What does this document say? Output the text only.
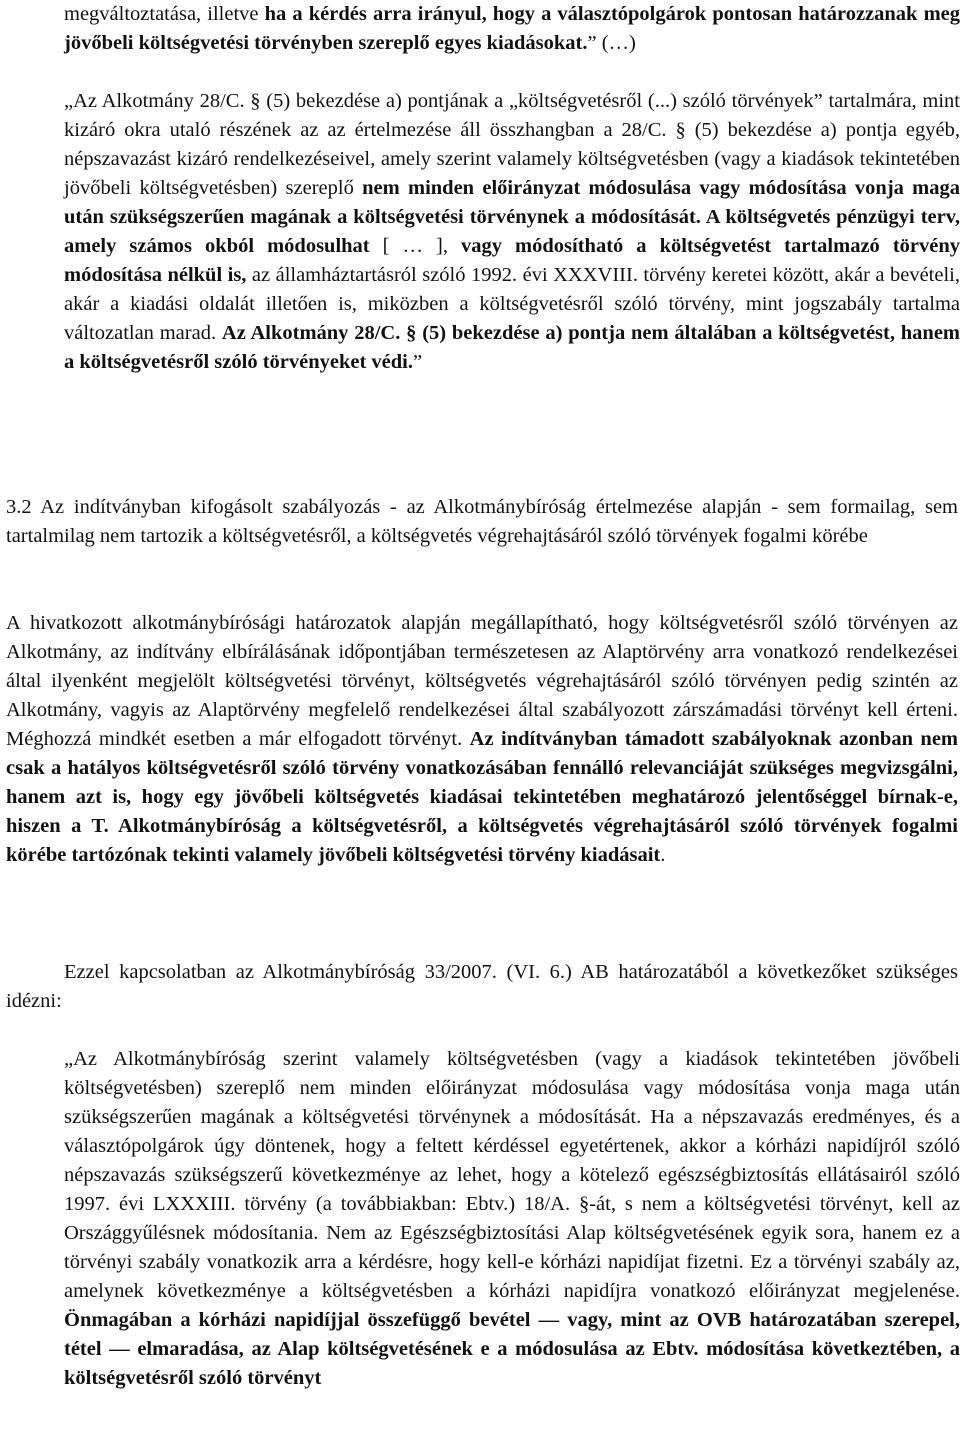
megváltoztatása, illetve ha a kérdés arra irányul, hogy a választópolgárok pontosan határozzanak meg jövőbeli költségvetési törvényben szereplő egyes kiadásokat.” (…)

„Az Alkotmány 28/C. § (5) bekezdése a) pontjának a „költségvetésről (...) szóló törvények” tartalmára, mint kizáró okra utaló részének az az értelmezése áll összhangban a 28/C. § (5) bekezdése a) pontja egyéb, népszavazást kizáró rendelkezéseivel, amely szerint valamely költségvetésben (vagy a kiadások tekintetében jövőbeli költségvetésben) szereplő nem minden előirányzat módosulása vagy módosítása vonja maga után szükségszerűen magának a költségvetési törvénynek a módosítását. A költségvetés pénzügyi terv, amely számos okból módosulhat [ … ], vagy módosítható a költségvetést tartalmazó törvény módosítása nélkül is, az államháztartásról szóló 1992. évi XXXVIII. törvény keretei között, akár a bevételi, akár a kiadási oldalát illetően is, miközben a költségvetésről szóló törvény, mint jogszabály tartalma változatlan marad. Az Alkotmány 28/C. § (5) bekezdése a) pontja nem általában a költségvetést, hanem a költségvetésről szóló törvényeket védi.”

3.2 Az indítványban kifogásolt szabályozás - az Alkotmánybíróság értelmezése alapján - sem formailag, sem tartalmilag nem tartozik a költségvetésről, a költségvetés végrehajtásáról szóló törvények fogalmi körébe

A hivatkozott alkotmánybírósági határozatok alapján megállapítható, hogy költségvetésről szóló törvényen az Alkotmány, az indítvány elbírálásának időpontjában természetesen az Alaptörvény arra vonatkozó rendelkezései által ilyenként megjelölt költségvetési törvényt, költségvetés végrehajtásáról szóló törvényen pedig szintén az Alkotmány, vagyis az Alaptörvény megfelelő rendelkezései által szabályozott zárszámadási törvényt kell érteni. Méghozzá mindkét esetben a már elfogadott törvényt. Az indítványban támadott szabályoknak azonban nem csak a hatályos költségvetésről szóló törvény vonatkozásában fennálló relevanciáját szükséges megvizsgálni, hanem azt is, hogy egy jövőbeli költségvetés kiadásai tekintetében meghatározó jelentőséggel bírnak-e, hiszen a T. Alkotmánybíróság a költségvetésről, a költségvetés végrehajtásáról szóló törvények fogalmi körébe tartózónak tekinti valamely jövőbeli költségvetési törvény kiadásait.

Ezzel kapcsolatban az Alkotmánybíróság 33/2007. (VI. 6.) AB határozatából a következőket szükséges idézni:

„Az Alkotmánybíróság szerint valamely költségvetésben (vagy a kiadások tekintetében jövőbeli költségvetésben) szereplő nem minden előirányzat módosulása vagy módosítása vonja maga után szükségszerűen magának a költségvetési törvénynek a módosítását. Ha a népszavazás eredményes, és a választópolgárok úgy döntenek, hogy a feltett kérdéssel egyetértenek, akkor a kórházi napidíjról szóló népszavazás szükségszerű következménye az lehet, hogy a kötelező egészségbiztosítás ellátásairól szóló 1997. évi LXXXIII. törvény (a továbbiakban: Ebtv.) 18/A. §-át, s nem a költségvetési törvényt, kell az Országgyűlésnek módosítania. Nem az Egészségbiztosítási Alap költségvetésének egyik sora, hanem ez a törvényi szabály vonatkozik arra a kérdésre, hogy kell-e kórházi napidíjat fizetni. Ez a törvényi szabály az, amelynek következménye a költségvetésben a kórházi napidíjra vonatkozó előirányzat megjelenése. Önmagában a kórházi napidíjjal összefüggő bevétel — vagy, mint az OVB határozatában szerepel, tétel — elmaradása, az Alap költségvetésének e a módosulása az Ebtv. módosítása következtében, a költségvetésről szóló törvényt
